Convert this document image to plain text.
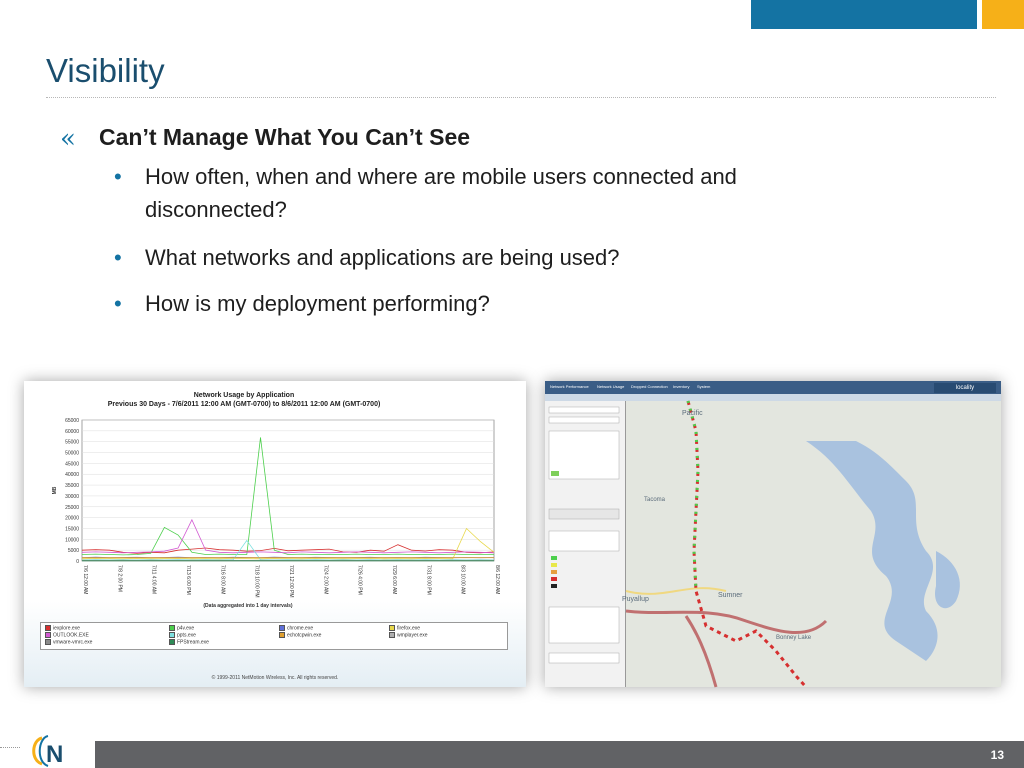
Visibility
« Can’t Manage What You Can’t See
• How often, when and where are mobile users connected and disconnected?
• What networks and applications are being used?
• How is my deployment performing?
Network Usage by Application
Previous 30 Days - 7/6/2011 12:00 AM (GMT-0700) to 8/6/2011 12:00 AM (GMT-0700)
0
5000
10000
15000
20000
25000
30000
35000
40000
45000
50000
55000
60000
65000
MB
7/6 12:00 AM	7/8 2:00 PM	7/11 4:00 AM	7/13 6:00 PM	7/16 8:00 AM	7/18 10:00 PM	7/21 12:00 PM	7/24 2:00 AM	7/26 4:00 PM	7/29 6:00 AM	7/31 8:00 PM	8/3 10:00 AM	8/6 12:00 AM
(Data aggregated into 1 day intervals)
iexplore.exe	p4v.exe	chrome.exe	firefox.exe
OUTLOOK.EXE	ppts.exe	echotcpwin.exe	wmplayer.exe
vmware-vmrc.exe	FPStream.exe
© 1999-2011 NetMotion Wireless, Inc. All rights reserved.
Network Performance Network Usage Dropped Connection Inventory System	locality
Pacific
Tacoma
Puyallup
Sumner
Bonney Lake
N	13
